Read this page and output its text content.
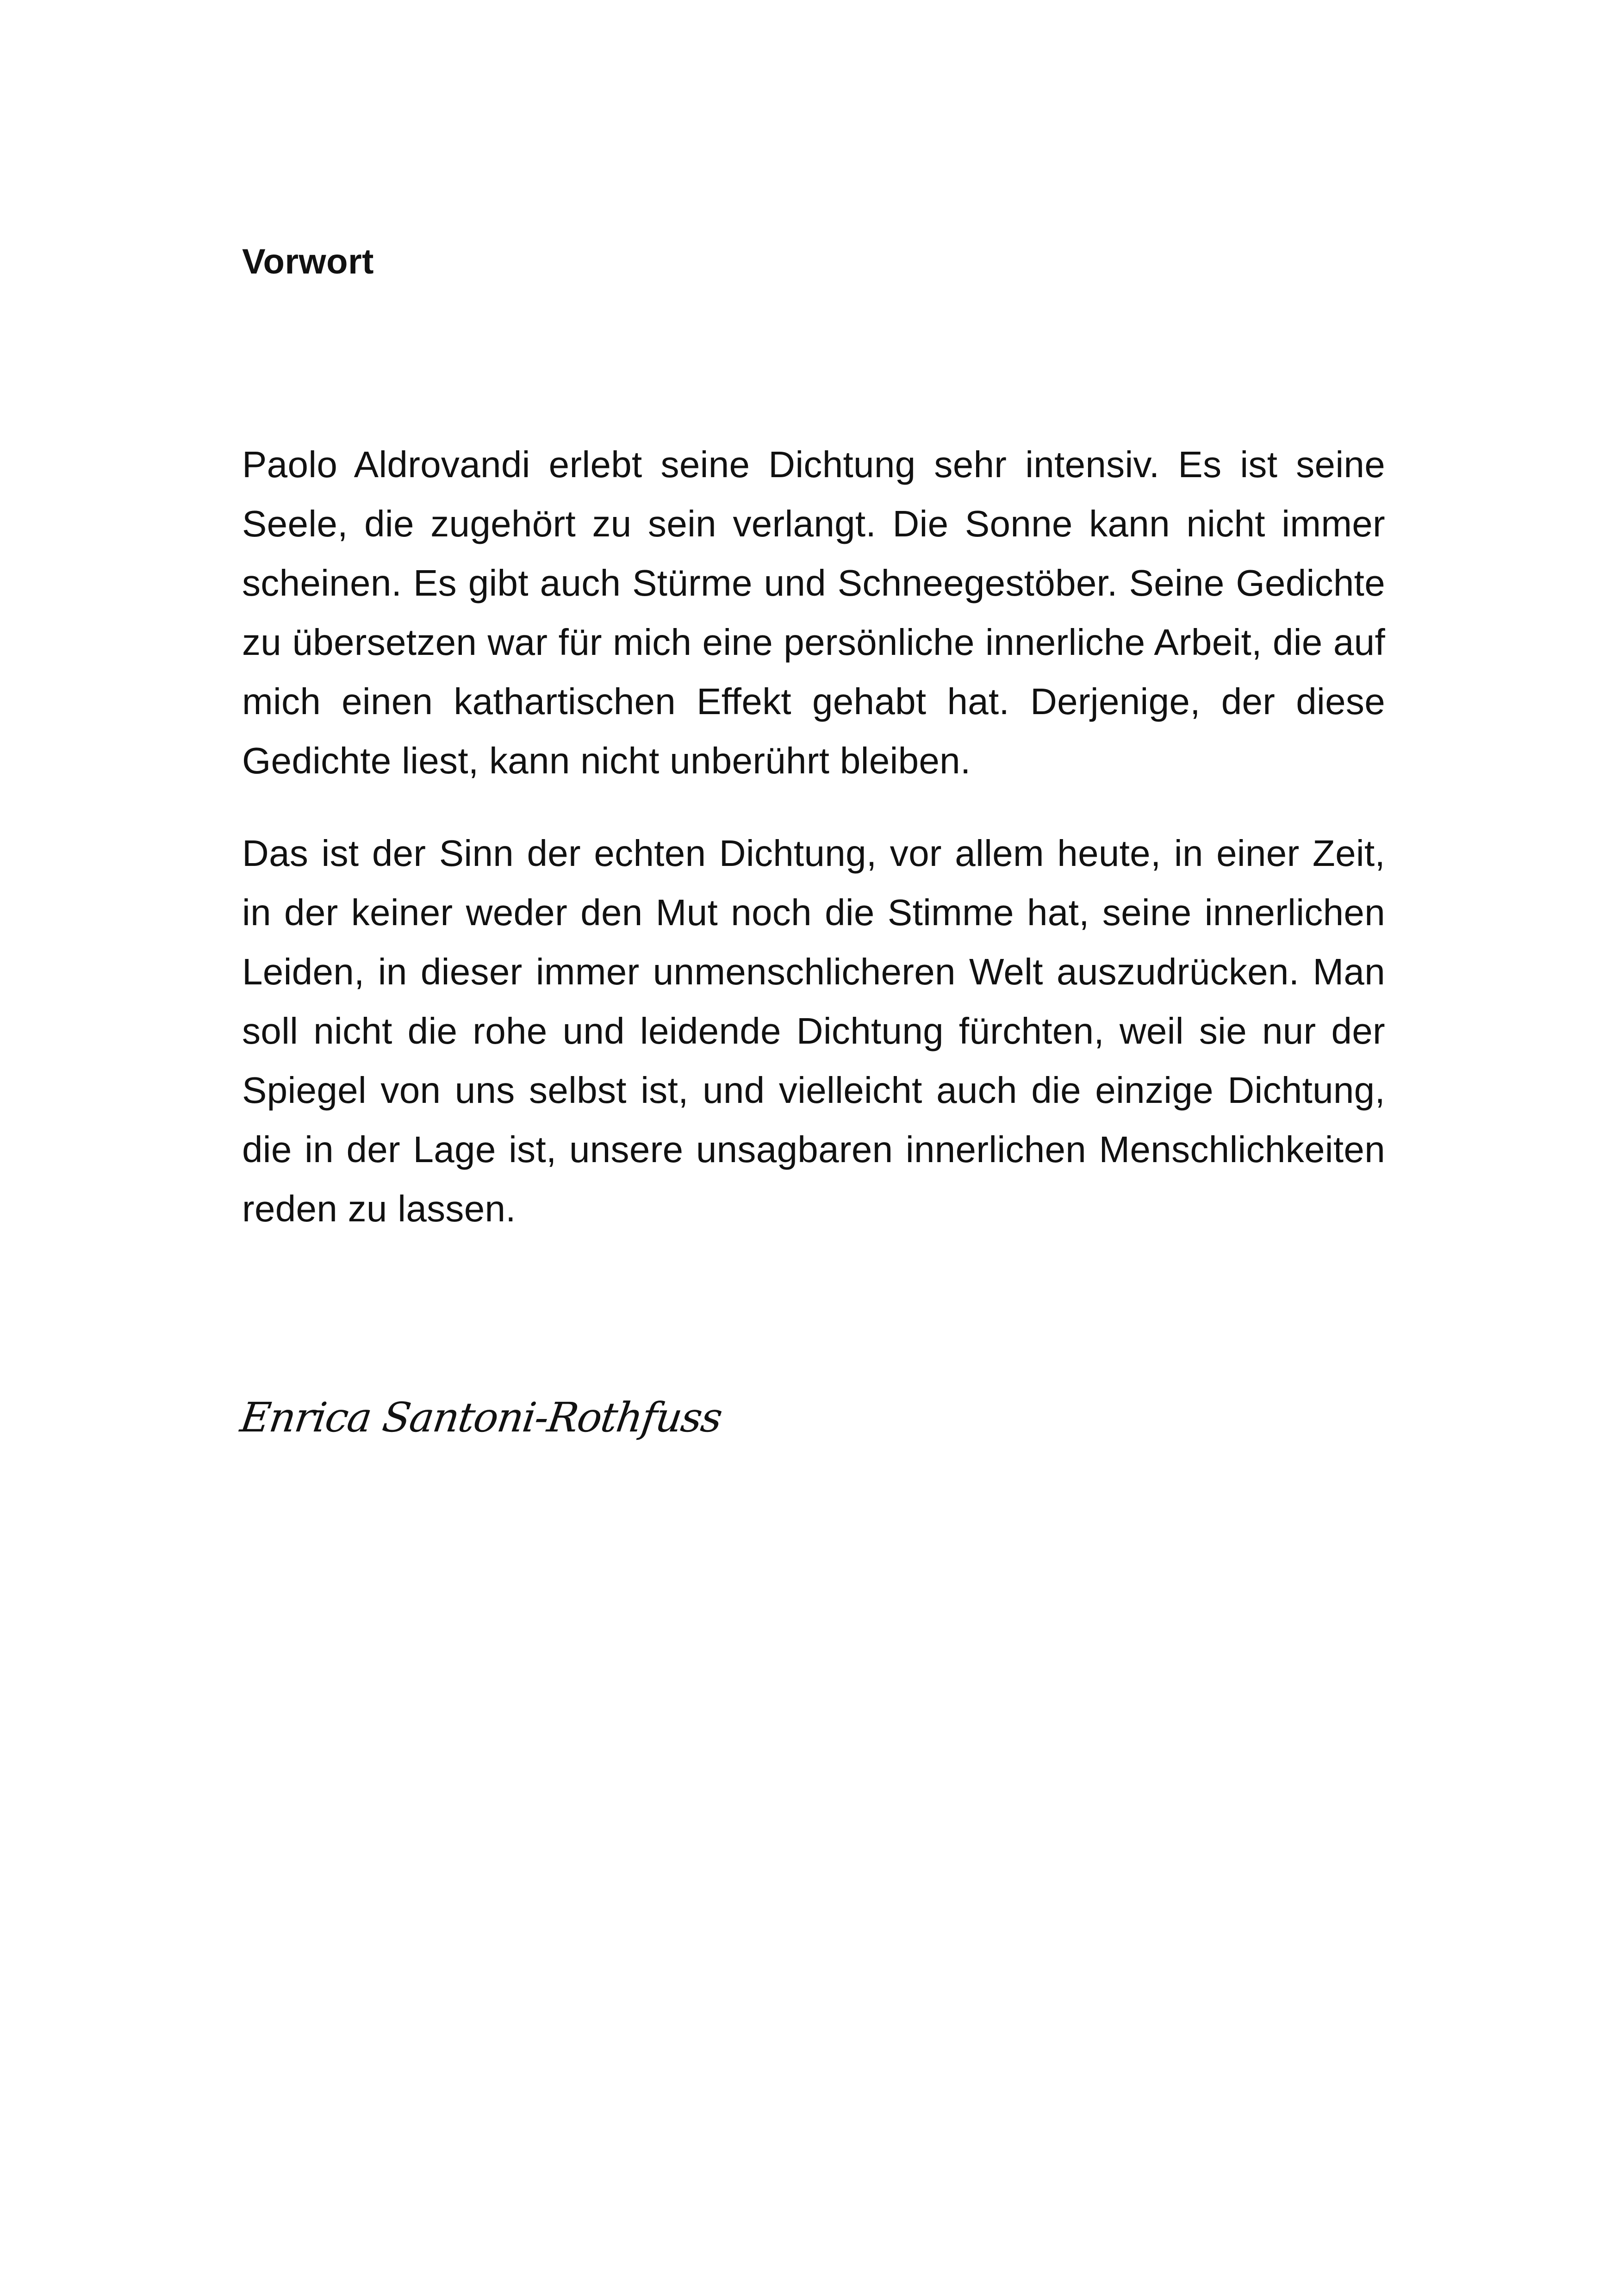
Vorwort

Paolo Aldrovandi erlebt seine Dichtung sehr intensiv. Es ist seine Seele, die zugehört zu sein verlangt. Die Sonne kann nicht immer scheinen. Es gibt auch Stürme und Schneegestöber. Seine Gedichte zu übersetzen war für mich eine persönliche innerliche Arbeit, die auf mich einen kathartischen Effekt gehabt hat. Derjenige, der diese Gedichte liest, kann nicht unberührt bleiben.

Das ist der Sinn der echten Dichtung, vor allem heute, in einer Zeit, in der keiner weder den Mut noch die Stimme hat, seine innerlichen Leiden, in dieser immer unmenschlicheren Welt auszudrücken. Man soll nicht die rohe und leidende Dichtung fürchten, weil sie nur der Spiegel von uns selbst ist, und vielleicht auch die einzige Dichtung, die in der Lage ist, unsere unsagbaren innerlichen Menschlichkeiten reden zu lassen.

Enrica Santoni-Rothfuss
